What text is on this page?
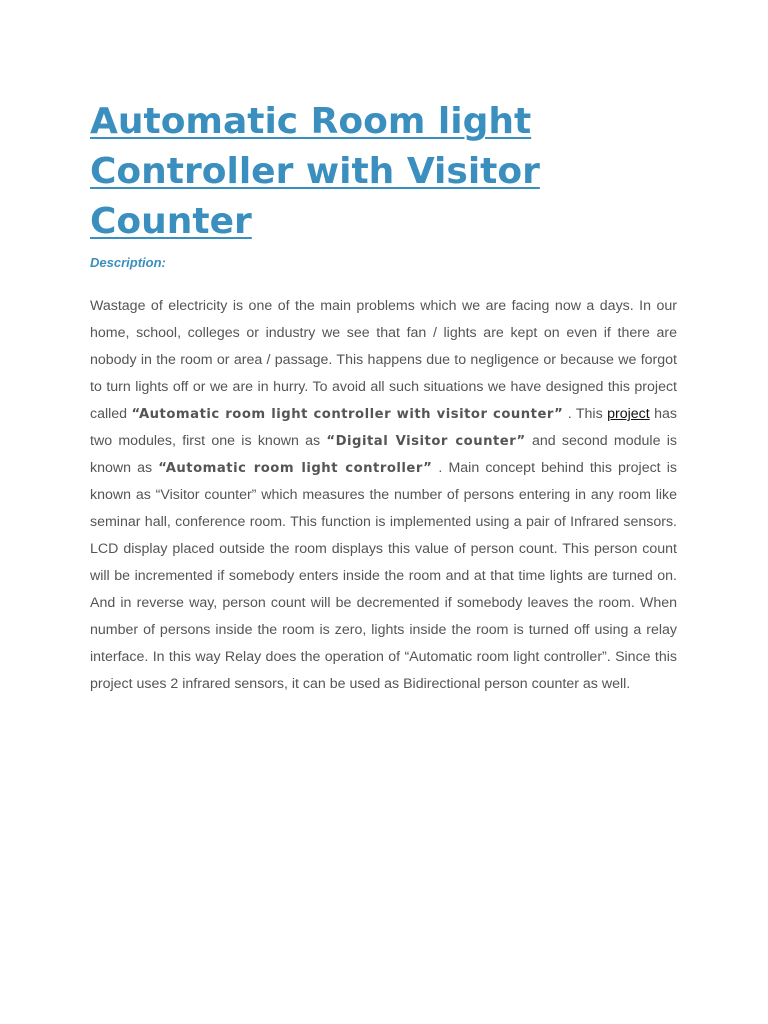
Automatic Room light
Controller with Visitor
Counter

Description:

Wastage of electricity is one of the main problems which we are facing now a days. In our home, school, colleges or industry we see that fan / lights are kept on even if there are nobody in the room or area / passage. This happens due to negligence or because we forgot to turn lights off or we are in hurry. To avoid all such situations we have designed this project called “Automatic room light controller with visitor counter” . This project has two modules, first one is known as “Digital Visitor counter” and second module is known as “Automatic room light controller” . Main concept behind this project is known as “Visitor counter” which measures the number of persons entering in any room like seminar hall, conference room. This function is implemented using a pair of Infrared sensors. LCD display placed outside the room displays this value of person count. This person count will be incremented if somebody enters inside the room and at that time lights are turned on. And in reverse way, person count will be decremented if somebody leaves the room. When number of persons inside the room is zero, lights inside the room is turned off using a relay interface. In this way Relay does the operation of “Automatic room light controller”. Since this project uses 2 infrared sensors, it can be used as Bidirectional person counter as well.
